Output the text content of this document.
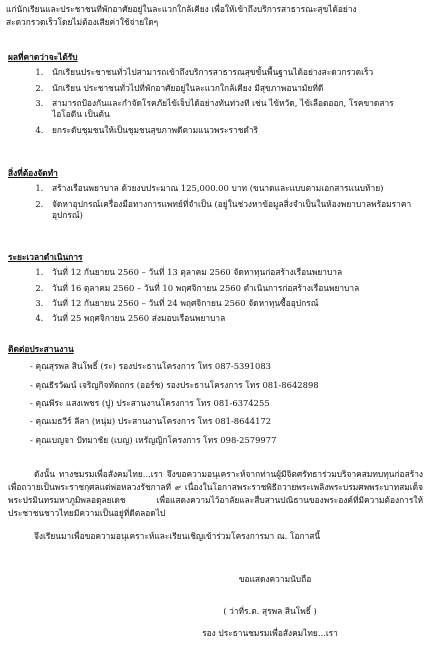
แก่นักเรียนและประชาชนที่พักอาศัยอยู่ในละแวกใกล้เคียง เพื่อให้เข้าถึงบริการสาธารณะสุขได้อย่าง

สะดวกรวดเร็วโดยไม่ต้องเสียค่าใช้จ่ายใดๆ

ผลที่คาดว่าจะได้รับ

1. นักเรียนประชาชนทั่วไปสามารถเข้าถึงบริการสาธารณสุขขั้นพื้นฐานได้อย่างสะดวกรวดเร็ว
2. นักเรียน ประชาชนทั่วไปที่พักอาศัยอยู่ในละแวกใกล้เคียง มีสุขภาพอนามัยที่ดี
3. สามารถป้องกันและกำจัดโรคภัยไข้เจ็บได้อย่างทันท่วงที เช่น ไข้หวัด, ไข้เลือดออก, โรคขาดสารไอโอดีน เป็นต้น
4. ยกระดับชุมชนให้เป็นชุมชนสุขภาพดีตามแนวพระราชดำริ

สิ่งที่ต้องจัดทำ

1. สร้างเรือนพยาบาล ด้วยงบประมาณ 125,000.00 บาท (ขนาดและแบบตามเอกสารแนบท้าย)
2. จัดหาอุปกรณ์เครื่องมือทางการแพทย์ที่จำเป็น (อยู่ในช่วงหาข้อมูลสิ่งจำเป็นในห้องพยาบาลพร้อมราคาอุปกรณ์)

ระยะเวลาดำเนินการ

1. วันที่ 12 กันยายน 2560 – วันที่ 13 ตุลาคม 2560 จัดหาทุนก่อสร้างเรือนพยาบาล
2. วันที่ 16 ตุลาคม 2560 – วันที่ 10 พฤศจิกายน 2560 ดำเนินการก่อสร้างเรือนพยาบาล
3. วันที่ 12 กันยายน 2560 – วันที่ 24 พฤศจิกายน 2560 จัดหาทุนซื้ออุปกรณ์
4. วันที่ 25 พฤศจิกายน 2560 ส่งมอบเรือนพยาบาล

ติดต่อประสานงาน

- คุณสุรพล สินโพธิ์ (ระ) รองประธานโครงการ โทร 087-5391083

- คุณธีรวัฒน์ เจริญกิจทัดถกร (ออร์ช) รองประธานโครงการ โทร 081-8642898

- คุณพีระ แสงเพชร (ปู) ประสานงานโครงการ โทร 081-6374255

- คุณเมธวีร์ ลีลา (หนุ่ม) ประสานงานโครงการ โทร 081-8644172

- คุณเบญจา ปัทมาชัย (เบญ) เหรัญญิกโครงการ โทร 098-2579977

ดังนั้น ทางชมรมเพื่อสังคมไทย...เรา จึงขอความอนุเคราะห์จากท่านผู้มีจิตศรัทธาร่วมบริจาคสมทบทุนก่อสร้างเพื่อถวายเป็นพระราชกุศลแด่พ่อหลวงรัชกาลที่ ๙ เนื่องในโอกาสพระราชพิธีถวายพระเพลิงพระบรมศพพระบาทสมเด็จพระปรมินทรมหาภูมิพลอดุลยเดช เพื่อแสดงความไว้อาลัยและสืบสานปณิธานของพระองค์ที่มีความต้องการให้ประชาชนชาวไทยมีความเป็นอยู่ที่ดีตลอดไป

จึงเรียนมาเพื่อขอความอนุเคราะห์และเรียนเชิญเข้าร่วมโครงการมา ณ. โอกาสนี้

ขอแสดงความนับถือ
( ว่าที่ร.ต. สุรพล สินโพธิ์ )
รอง ประธานชมรมเพื่อสังคมไทย...เรา
